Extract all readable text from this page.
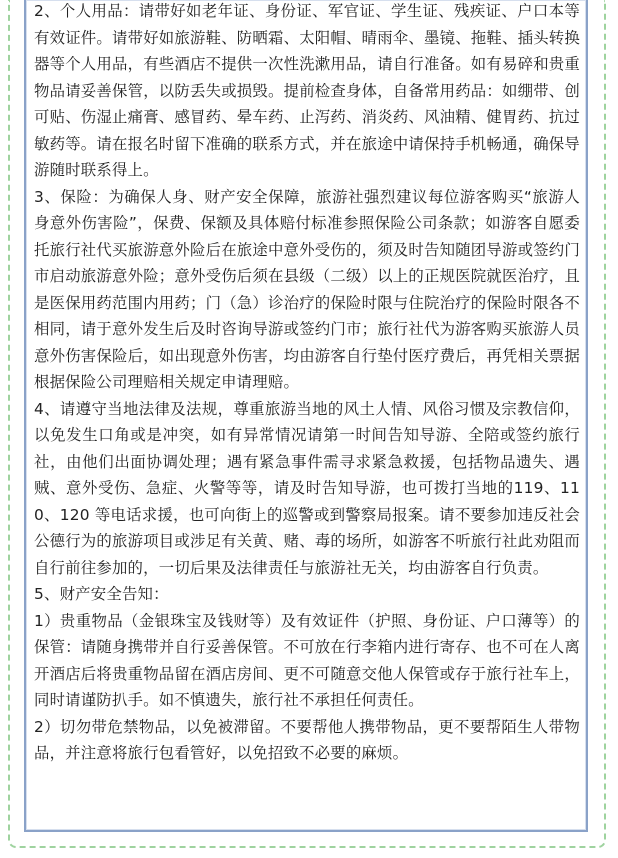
2、个人用品：请带好如老年证、身份证、军官证、学生证、残疾证、户口本等有效证件。请带好如旅游鞋、防晒霜、太阳帽、晴雨伞、墨镜、拖鞋、插头转换器等个人用品，有些酒店不提供一次性洗漱用品，请自行准备。如有易碎和贵重物品请妥善保管，以防丢失或损毁。提前检查身体，自备常用药品：如绷带、创可贴、伤湿止痛膏、感冒药、晕车药、止泻药、消炎药、风油精、健胃药、抗过敏药等。请在报名时留下准确的联系方式，并在旅途中请保持手机畅通，确保导游随时联系得上。

3、保险：为确保人身、财产安全保障，旅游社强烈建议每位游客购买“旅游人身意外伤害险”，保费、保额及具体赔付标准参照保险公司条款；如游客自愿委托旅行社代买旅游意外险后在旅途中意外受伤的，须及时告知随团导游或签约门市启动旅游意外险；意外受伤后须在县级（二级）以上的正规医院就医治疗，且是医保用药范围内用药；门（急）诊治疗的保险时限与住院治疗的保险时限各不相同，请于意外发生后及时咨询导游或签约门市；旅行社代为游客购买旅游人员意外伤害保险后，如出现意外伤害，均由游客自行垫付医疗费后，再凭相关票据根据保险公司理赔相关规定申请理赔。

4、请遵守当地法律及法规，尊重旅游当地的风土人情、风俗习惯及宗教信仰，以免发生口角或是冲突，如有异常情况请第一时间告知导游、全陪或签约旅行社，由他们出面协调处理；遇有紧急事件需寻求紧急救援，包括物品遗失、遇贼、意外受伤、急症、火警等等，请及时告知导游，也可拨打当地的119、110、120 等电话求援，也可向街上的巡警或到警察局报案。请不要参加违反社会公德行为的旅游项目或涉足有关黄、赌、毒的场所，如游客不听旅行社此劝阻而自行前往参加的，一切后果及法律责任与旅游社无关，均由游客自行负责。

5、财产安全告知：

1）贵重物品（金银珠宝及钱财等）及有效证件（护照、身份证、户口薄等）的保管：请随身携带并自行妥善保管。不可放在行李箱内进行寄存、也不可在人离开酒店后将贵重物品留在酒店房间、更不可随意交他人保管或存于旅行社车上，同时请谨防扒手。如不慎遗失，旅行社不承担任何责任。

2）切勿带危禁物品，以免被滞留。不要帮他人携带物品，更不要帮陌生人带物品，并注意将旅行包看管好，以免招致不必要的麻烦。
